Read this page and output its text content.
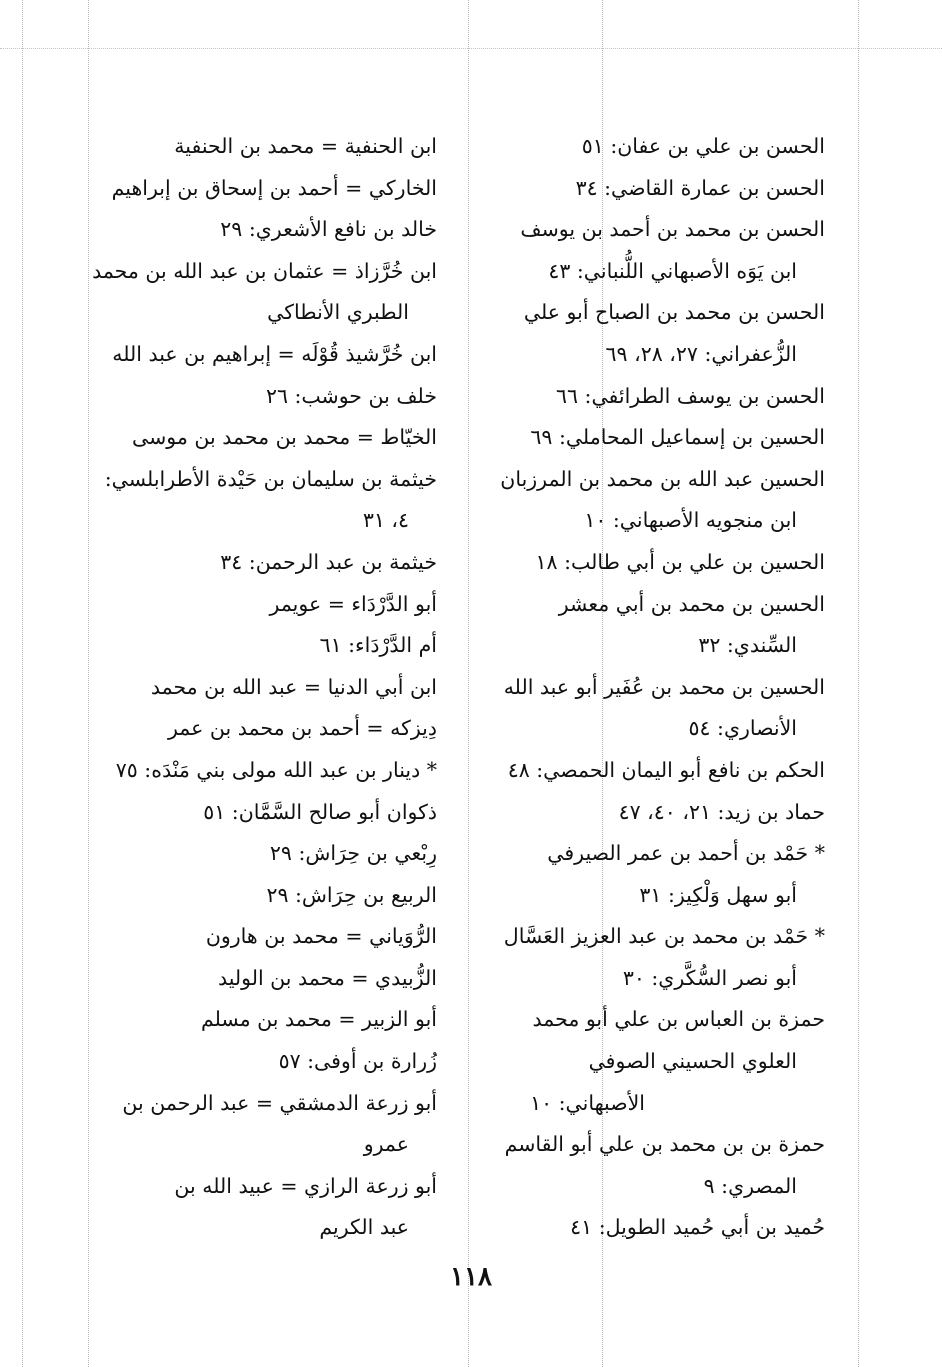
الحسن بن علي بن عفان: ٥١
الحسن بن عمارة القاضي: ٣٤
الحسن بن محمد بن أحمد بن يوسف
ابن يَوَه الأصبهاني اللُّنباني: ٤٣
الحسن بن محمد بن الصباح أبو علي
الزُّعفراني: ٢٧، ٢٨، ٦٩
الحسن بن يوسف الطرائفي: ٦٦
الحسين بن إسماعيل المحاملي: ٦٩
الحسين عبد الله بن محمد بن المرزبان
ابن منجويه الأصبهاني: ١٠
الحسين بن علي بن أبي طالب: ١٨
الحسين بن محمد بن أبي معشر
السِّندي: ٣٢
الحسين بن محمد بن عُفَير أبو عبد الله
الأنصاري: ٥٤
الحكم بن نافع أبو اليمان الحمصي: ٤٨
حماد بن زيد: ٢١، ٤٠، ٤٧
* حَمْد بن أحمد بن عمر الصيرفي
أبو سهل وَلْكِيز: ٣١
* حَمْد بن محمد بن عبد العزيز العَسَّال
أبو نصر السُّكَّري: ٣٠
حمزة بن العباس بن علي أبو محمد
العلوي الحسيني الصوفي
الأصبهاني: ١٠
حمزة بن بن محمد بن علي أبو القاسم
المصري: ٩
حُميد بن أبي حُميد الطويل: ٤١
ابن الحنفية = محمد بن الحنفية
الخاركي = أحمد بن إسحاق بن إبراهيم
خالد بن نافع الأشعري: ٢٩
ابن خُرَّزاذ = عثمان بن عبد الله بن محمد
الطبري الأنطاكي
ابن خُرَّشيذ قُوْلَه = إبراهيم بن عبد الله
خلف بن حوشب: ٢٦
الخيّاط = محمد بن محمد بن موسى
خيثمة بن سليمان بن حَيْدة الأطرابلسي:
٤، ٣١
خيثمة بن عبد الرحمن: ٣٤
أبو الدَّرْدَاء = عويمر
أم الدَّرْدَاء: ٦١
ابن أبي الدنيا = عبد الله بن محمد
دِيزكه = أحمد بن محمد بن عمر
* دينار بن عبد الله مولى بني مَنْدَه: ٧٥
ذكوان أبو صالح السَّمَّان: ٥١
رِبْعي بن حِرَاش: ٢٩
الربيع بن حِرَاش: ٢٩
الرُّوَياني = محمد بن هارون
الزُّبيدي = محمد بن الوليد
أبو الزبير = محمد بن مسلم
زُرارة بن أوفى: ٥٧
أبو زرعة الدمشقي = عبد الرحمن بن
عمرو
أبو زرعة الرازي = عبيد الله بن
عبد الكريم
١١٨
